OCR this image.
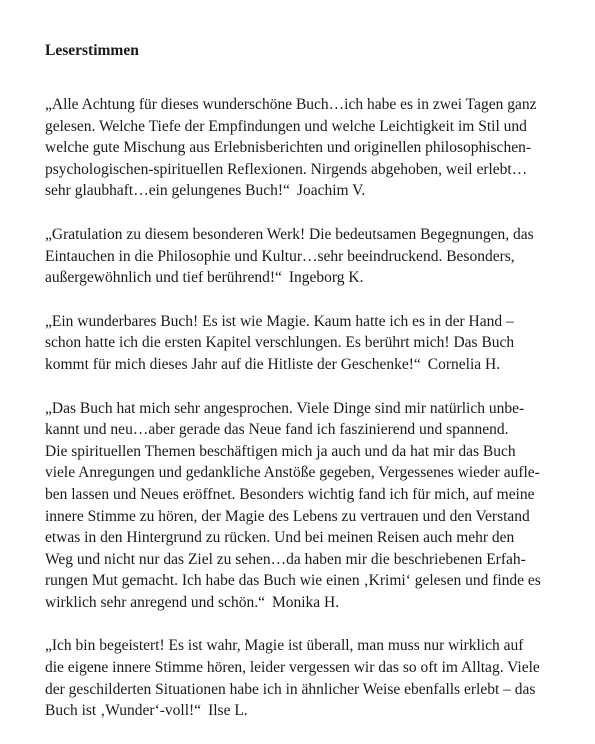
Leserstimmen
„Alle Achtung für dieses wunderschöne Buch…ich habe es in zwei Tagen ganz
gelesen. Welche Tiefe der Empfindungen und welche Leichtigkeit im Stil und
welche gute Mischung aus Erlebnisberichten und originellen philosophischen-
psychologischen-spirituellen Reflexionen. Nirgends abgehoben, weil erlebt…
sehr glaubhaft…ein gelungenes Buch!“ Joachim V.
„Gratulation zu diesem besonderen Werk! Die bedeutsamen Begegnungen, das
Eintauchen in die Philosophie und Kultur…sehr beeindruckend. Besonders,
außergewöhnlich und tief berührend!“ Ingeborg K.
„Ein wunderbares Buch! Es ist wie Magie. Kaum hatte ich es in der Hand –
schon hatte ich die ersten Kapitel verschlungen. Es berührt mich! Das Buch
kommt für mich dieses Jahr auf die Hitliste der Geschenke!“ Cornelia H.
„Das Buch hat mich sehr angesprochen. Viele Dinge sind mir natürlich unbe-
kannt und neu…aber gerade das Neue fand ich faszinierend und spannend.
Die spirituellen Themen beschäftigen mich ja auch und da hat mir das Buch
viele Anregungen und gedankliche Anstöße gegeben, Vergessenes wieder aufle-
ben lassen und Neues eröffnet. Besonders wichtig fand ich für mich, auf meine
innere Stimme zu hören, der Magie des Lebens zu vertrauen und den Verstand
etwas in den Hintergrund zu rücken. Und bei meinen Reisen auch mehr den
Weg und nicht nur das Ziel zu sehen…da haben mir die beschriebenen Erfah-
rungen Mut gemacht. Ich habe das Buch wie einen ‚Krimi‘ gelesen und finde es
wirklich sehr anregend und schön.“ Monika H.
„Ich bin begeistert! Es ist wahr, Magie ist überall, man muss nur wirklich auf
die eigene innere Stimme hören, leider vergessen wir das so oft im Alltag. Viele
der geschilderten Situationen habe ich in ähnlicher Weise ebenfalls erlebt – das
Buch ist ‚Wunder‘-voll!“ Ilse L.
